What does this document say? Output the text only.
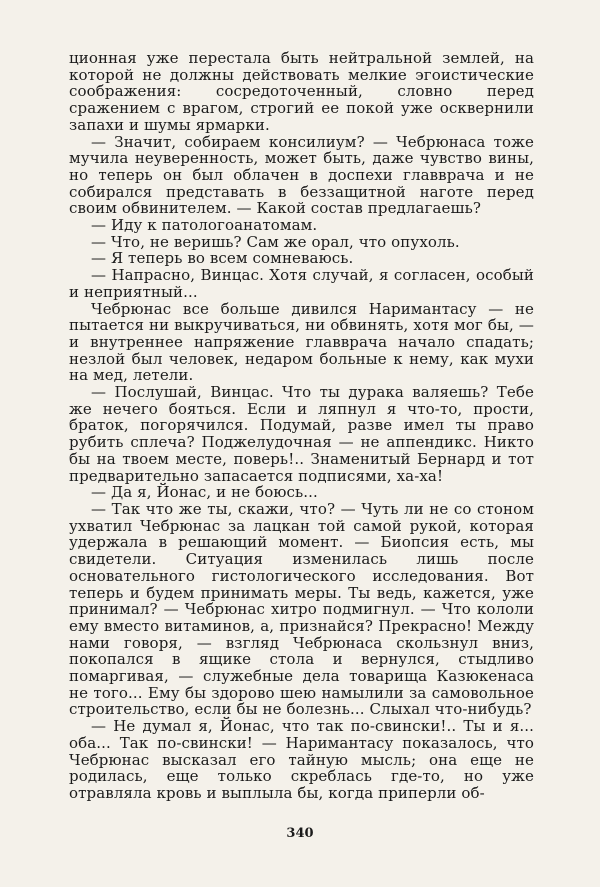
ционная уже перестала быть нейтральной землей, на которой не должны действовать мелкие эгоистические соображения: сосредоточенный, словно перед сражением с врагом, строгий ее покой уже осквернили запахи и шумы ярмарки.

— Значит, собираем консилиум? — Чебрюнаса тоже мучила неуверенность, может быть, даже чувство вины, но теперь он был облачен в доспехи главврача и не собирался представать в беззащитной наготе перед своим обвинителем. — Какой состав предлагаешь?

— Иду к патологоанатомам.

— Что, не веришь? Сам же орал, что опухоль.

— Я теперь во всем сомневаюсь.

— Напрасно, Винцас. Хотя случай, я согласен, особый и неприятный...

Чебрюнас все больше дивился Наримантасу — не пытается ни выкручиваться, ни обвинять, хотя мог бы, — и внутреннее напряжение главврача начало спадать; незлой был человек, недаром больные к нему, как мухи на мед, летели.

— Послушай, Винцас. Что ты дурака валяешь? Тебе же нечего бояться. Если и ляпнул я что-то, прости, браток, погорячился. Подумай, разве имел ты право рубить сплеча? Поджелудочная — не аппендикс. Никто бы на твоем месте, поверь!.. Знаменитый Бернард и тот предварительно запасается подписями, ха-ха!

— Да я, Йонас, и не боюсь...

— Так что же ты, скажи, что? — Чуть ли не со стоном ухватил Чебрюнас за лацкан той самой рукой, которая удержала в решающий момент. — Биопсия есть, мы свидетели. Ситуация изменилась лишь после основательного гистологического исследования. Вот теперь и будем принимать меры. Ты ведь, кажется, уже принимал? — Чебрюнас хитро подмигнул. — Что кололи ему вместо витаминов, а, признайся? Прекрасно! Между нами говоря, — взгляд Чебрюнаса скользнул вниз, покопался в ящике стола и вернулся, стыдливо помаргивая, — служебные дела товарища Казюкенаса не того... Ему бы здорово шею намылили за самовольное строительство, если бы не болезнь... Слыхал что-нибудь?

— Не думал я, Йонас, что так по-свински!.. Ты и я... оба... Так по-свински! — Наримантасу показалось, что Чебрюнас высказал его тайную мысль; она еще не родилась, еще только скреблась где-то, но уже отравляла кровь и выплыла бы, когда приперли об-

340
